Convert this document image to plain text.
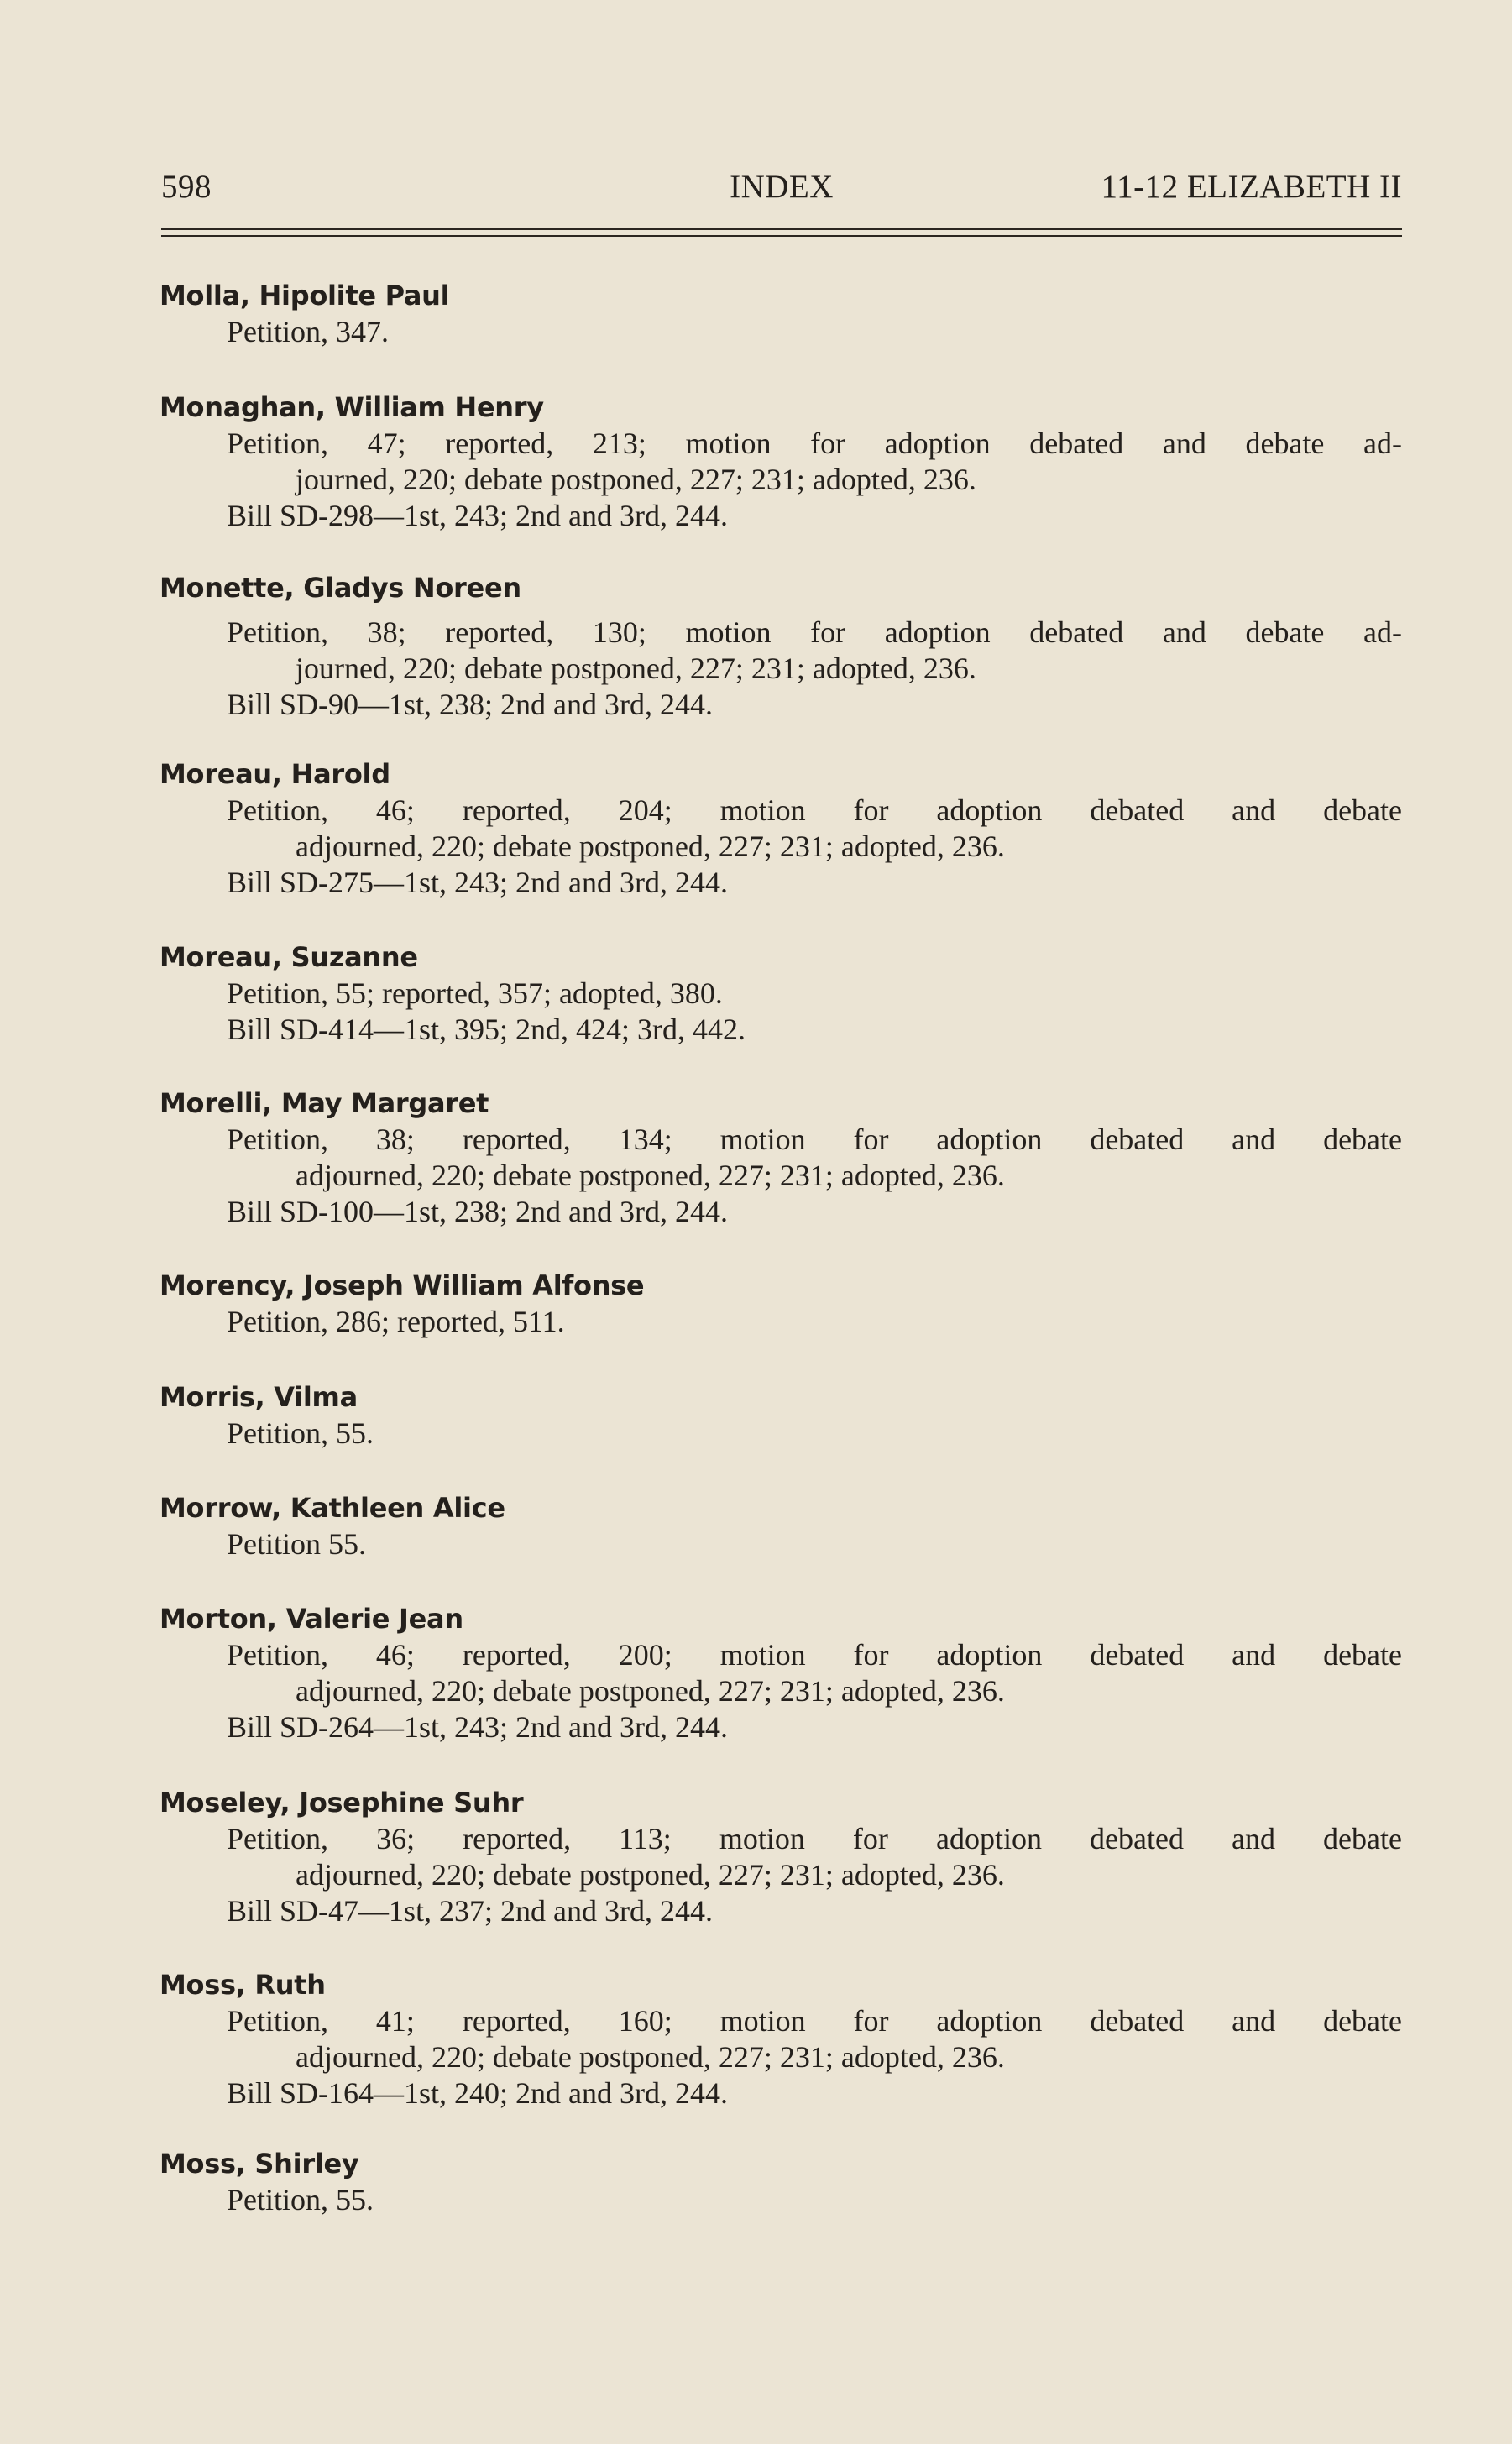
598	INDEX	11-12 ELIZABETH II
Molla, Hipolite Paul
Petition, 347.
Monaghan, William Henry
Petition, 47; reported, 213; motion for adoption debated and debate ad-
journed, 220; debate postponed, 227; 231; adopted, 236.
Bill SD-298—1st, 243; 2nd and 3rd, 244.
Monette, Gladys Noreen
Petition, 38; reported, 130; motion for adoption debated and debate ad-
journed, 220; debate postponed, 227; 231; adopted, 236.
Bill SD-90—1st, 238; 2nd and 3rd, 244.
Moreau, Harold
Petition, 46; reported, 204; motion for adoption debated and debate
adjourned, 220; debate postponed, 227; 231; adopted, 236.
Bill SD-275—1st, 243; 2nd and 3rd, 244.
Moreau, Suzanne
Petition, 55; reported, 357; adopted, 380.
Bill SD-414—1st, 395; 2nd, 424; 3rd, 442.
Morelli, May Margaret
Petition, 38; reported, 134; motion for adoption debated and debate
adjourned, 220; debate postponed, 227; 231; adopted, 236.
Bill SD-100—1st, 238; 2nd and 3rd, 244.
Morency, Joseph William Alfonse
Petition, 286; reported, 511.
Morris, Vilma
Petition, 55.
Morrow, Kathleen Alice
Petition 55.
Morton, Valerie Jean
Petition, 46; reported, 200; motion for adoption debated and debate
adjourned, 220; debate postponed, 227; 231; adopted, 236.
Bill SD-264—1st, 243; 2nd and 3rd, 244.
Moseley, Josephine Suhr
Petition, 36; reported, 113; motion for adoption debated and debate
adjourned, 220; debate postponed, 227; 231; adopted, 236.
Bill SD-47—1st, 237; 2nd and 3rd, 244.
Moss, Ruth
Petition, 41; reported, 160; motion for adoption debated and debate
adjourned, 220; debate postponed, 227; 231; adopted, 236.
Bill SD-164—1st, 240; 2nd and 3rd, 244.
Moss, Shirley
Petition, 55.
